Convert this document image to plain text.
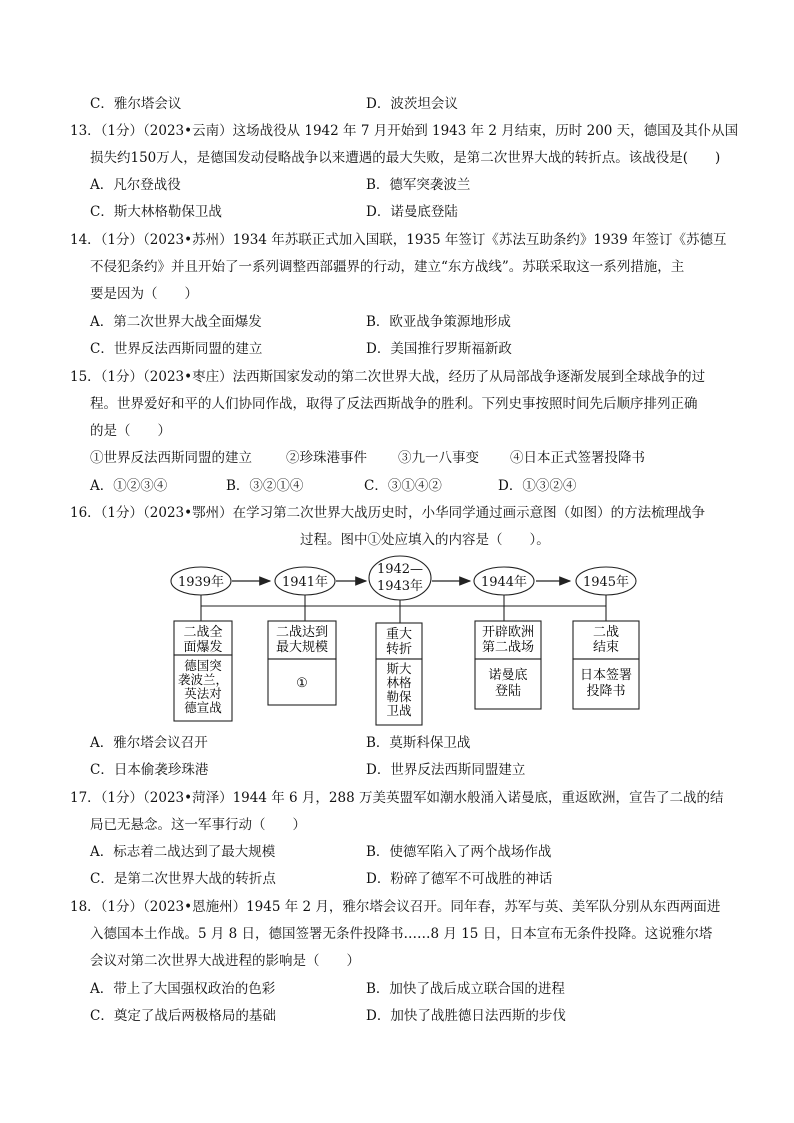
C．雅尔塔会议	D．波茨坦会议
13．（1分）（2023•云南）这场战役从 1942 年 7 月开始到 1943 年 2 月结束，历时 200 天，德国及其仆从国
损失约150万人，是德国发动侵略战争以来遭遇的最大失败，是第二次世界大战的转折点。该战役是(　　)
A．凡尔登战役	B．德军突袭波兰
C．斯大林格勒保卫战	D．诺曼底登陆
14．（1分）（2023•苏州）1934 年苏联正式加入国联，1935 年签订《苏法互助条约》1939 年签订《苏德互
不侵犯条约》并且开始了一系列调整西部疆界的行动，建立“东方战线”。苏联采取这一系列措施，主
要是因为（　　）
A．第二次世界大战全面爆发	B．欧亚战争策源地形成
C．世界反法西斯同盟的建立	D．美国推行罗斯福新政
15．（1分）（2023•枣庄）法西斯国家发动的第二次世界大战，经历了从局部战争逐渐发展到全球战争的过
程。世界爱好和平的人们协同作战，取得了反法西斯战争的胜利。下列史事按照时间先后顺序排列正确
的是（　　）
①世界反法西斯同盟的建立	②珍珠港事件 ③九一八事变 ④日本正式签署投降书
A．①②③④	B．③②①④	C．③①④②	D．①③②④
16．（1分）（2023•鄂州）在学习第二次世界大战历史时，小华同学通过画示意图（如图）的方法梳理战争
过程。图中①处应填入的内容是（　　）。
1939年	1941年
1942—
1943年	1944年	1945年
二战全
面爆发
二战达到
最大规模
重大
转折
开辟欧洲
第二战场
二战
结束
德国突
袭波兰，
英法对
德宣战
①
斯大
林格
勒保
卫战
诺曼底
登陆
日本签署
投降书
A．雅尔塔会议召开	B．莫斯科保卫战
C．日本偷袭珍珠港	D．世界反法西斯同盟建立
17．（1分）（2023•菏泽）1944 年 6 月，288 万美英盟军如潮水般涌入诺曼底，重返欧洲，宣告了二战的结
局已无悬念。这一军事行动（　　）
A．标志着二战达到了最大规模	B．使德军陷入了两个战场作战
C．是第二次世界大战的转折点	D．粉碎了德军不可战胜的神话
18．（1分）（2023•恩施州）1945 年 2 月，雅尔塔会议召开。同年春，苏军与英、美军队分别从东西两面进
入德国本土作战。5 月 8 日，德国签署无条件投降书……8 月 15 日，日本宣布无条件投降。这说雅尔塔
会议对第二次世界大战进程的影响是（　　）
A．带上了大国强权政治的色彩	B．加快了战后成立联合国的进程
C．奠定了战后两极格局的基础	D．加快了战胜德日法西斯的步伐
